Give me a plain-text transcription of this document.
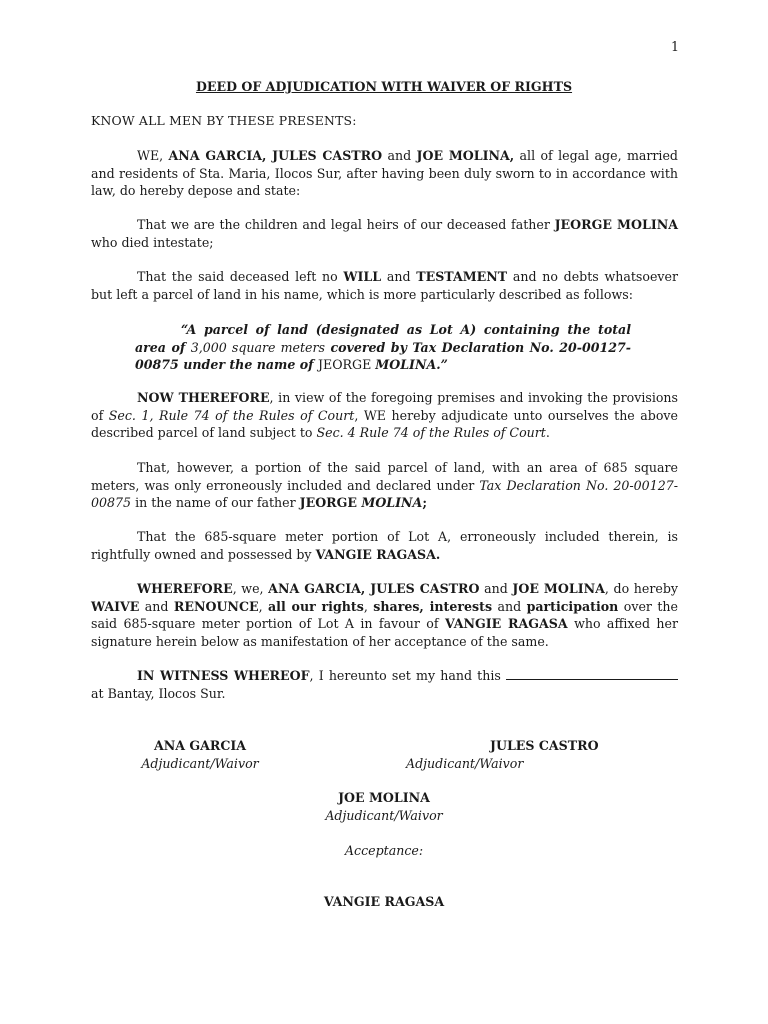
1
DEED OF ADJUDICATION WITH WAIVER OF RIGHTS
KNOW ALL MEN BY THESE PRESENTS:
WE, ANA GARCIA, JULES CASTRO and JOE MOLINA, all of legal age, married and residents of Sta. Maria, Ilocos Sur, after having been duly sworn to in accordance with law, do hereby depose and state:
That we are the children and legal heirs of our deceased father JEORGE MOLINA who died intestate;
That the said deceased left no WILL and TESTAMENT and no debts whatsoever but left a parcel of land in his name, which is more particularly described as follows:
“A parcel of land (designated as Lot A) containing the total area of 3,000 square meters covered by Tax Declaration No. 20-00127-00875 under the name of JEORGE MOLINA.”
NOW THEREFORE, in view of the foregoing premises and invoking the provisions of Sec. 1, Rule 74 of the Rules of Court, WE hereby adjudicate unto ourselves the above described parcel of land subject to Sec. 4 Rule 74 of the Rules of Court.
That, however, a portion of the said parcel of land, with an area of 685 square meters, was only erroneously included and declared under Tax Declaration No. 20-00127-00875 in the name of our father JEORGE MOLINA;
That the 685-square meter portion of Lot A, erroneously included therein, is rightfully owned and possessed by VANGIE RAGASA.
WHEREFORE, we, ANA GARCIA, JULES CASTRO and JOE MOLINA, do hereby WAIVE and RENOUNCE, all our rights, shares, interests and participation over the said 685-square meter portion of Lot A in favour of VANGIE RAGASA who affixed her signature herein below as manifestation of her acceptance of the same.
IN WITNESS WHEREOF, I hereunto set my hand this  at Bantay, Ilocos Sur.
ANA GARCIA
Adjudicant/Waivor
JULES CASTRO
Adjudicant/Waivor
JOE MOLINA
Adjudicant/Waivor
Acceptance:
VANGIE RAGASA
